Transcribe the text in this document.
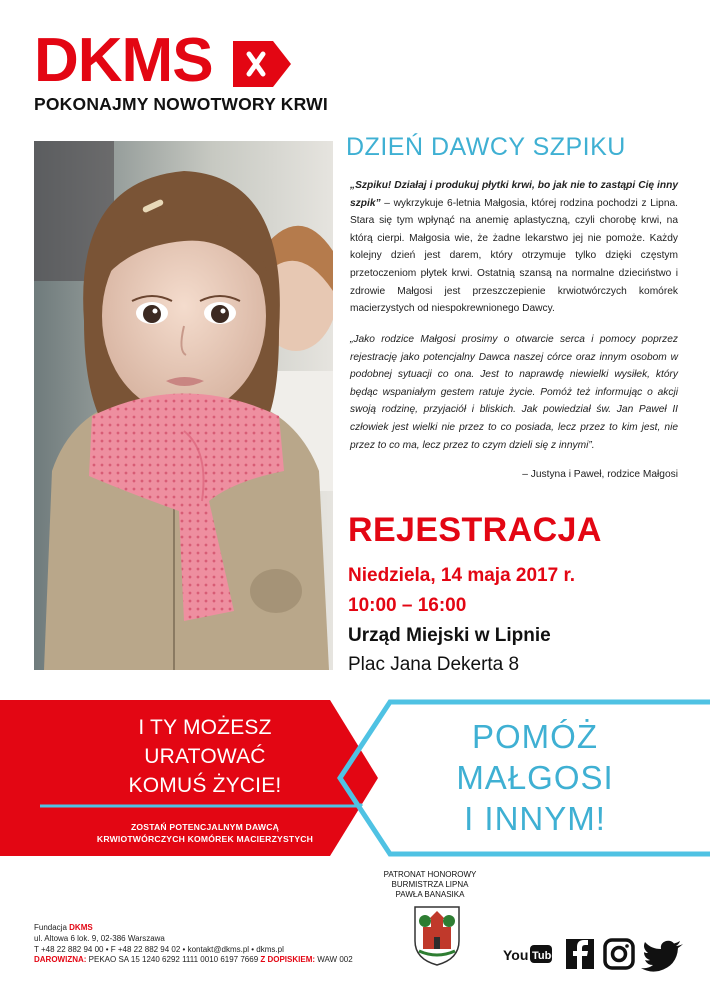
DKMS
POKONAJMY NOWOTWORY KRWI
DZIEŃ DAWCY SZPIKU
„Szpiku! Działaj i produkuj płytki krwi, bo jak nie to zastąpi Cię inny szpik” – wykrzykuje 6-letnia Małgosia, której rodzina pochodzi z Lipna. Stara się tym wpłynąć na anemię aplastyczną, czyli chorobę krwi, na którą cierpi. Małgosia wie, że żadne lekarstwo jej nie pomoże. Każdy kolejny dzień jest darem, który otrzymuje tylko dzięki częstym przetoczeniom płytek krwi. Ostatnią szansą na normalne dzieciństwo i zdrowie Małgosi jest przeszczepienie krwiotwórczych komórek macierzystych od niespokrewnionego Dawcy.
„Jako rodzice Małgosi prosimy o otwarcie serca i pomocy poprzez rejestrację jako potencjalny Dawca naszej córce oraz innym osobom w podobnej sytuacji co ona. Jest to naprawdę niewielki wysiłek, który będąc wspaniałym gestem ratuje życie. Pomóż też informując o akcji swoją rodzinę, przyjaciół i bliskich. Jak powiedział św. Jan Paweł II człowiek jest wielki nie przez to co posiada, lecz przez to kim jest, nie przez to co ma, lecz przez to czym dzieli się z innymi”.
– Justyna i Paweł, rodzice Małgosi
REJESTRACJA
Niedziela, 14 maja 2017 r.
10:00 – 16:00
Urząd Miejski w Lipnie
Plac Jana Dekerta 8
I TY MOŻESZ
URATOWAĆ
KOMUŚ ŻYCIE!
ZOSTAŃ POTENCJALNYM DAWCĄ
KRWIOTWÓRCZYCH KOMÓREK MACIERZYSTYCH
POMÓŻ
MAŁGOSI
I INNYM!
PATRONAT HONOROWY
BURMISTRZA LIPNA
PAWŁA BANASIKA
Fundacja DKMS
ul. Altowa 6 lok. 9, 02-386 Warszawa
T +48 22 882 94 00 • F +48 22 882 94 02 • kontakt@dkms.pl • dkms.pl
DAROWIZNA: PEKAO SA 15 1240 6292 1111 0010 6197 7669 Z DOPISKIEM: WAW 002	You Tube
